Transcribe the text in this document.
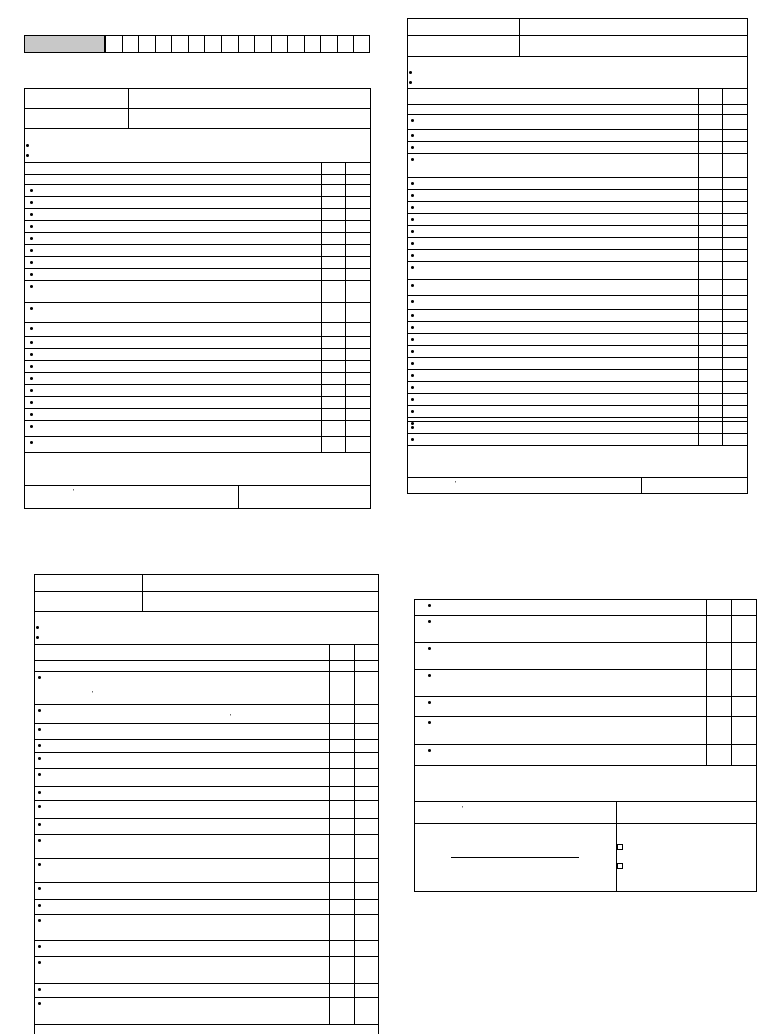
'
'
'
'
'
